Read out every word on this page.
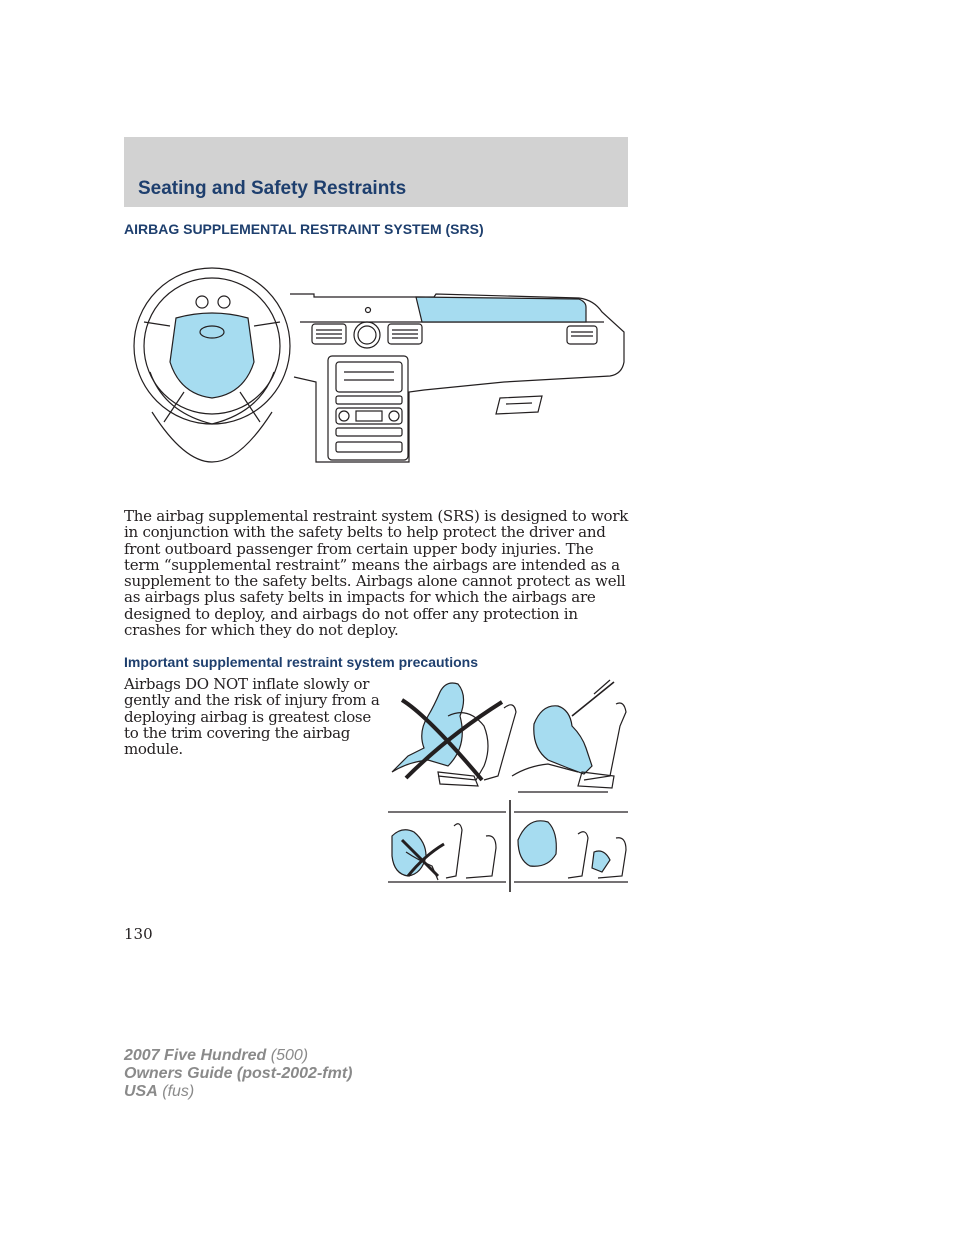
Seating and Safety Restraints
AIRBAG SUPPLEMENTAL RESTRAINT SYSTEM (SRS)

The airbag supplemental restraint system (SRS) is designed to work in conjunction with the safety belts to help protect the driver and front outboard passenger from certain upper body injuries. The term “supplemental restraint” means the airbags are intended as a supplement to the safety belts. Airbags alone cannot protect as well as airbags plus safety belts in impacts for which the airbags are designed to deploy, and airbags do not offer any protection in crashes for which they do not deploy.

Important supplemental restraint system precautions

Airbags DO NOT inflate slowly or gently and the risk of injury from a deploying airbag is greatest close to the trim covering the airbag module.

130
2007 Five Hundred (500)
Owners Guide (post-2002-fmt)
USA (fus)
